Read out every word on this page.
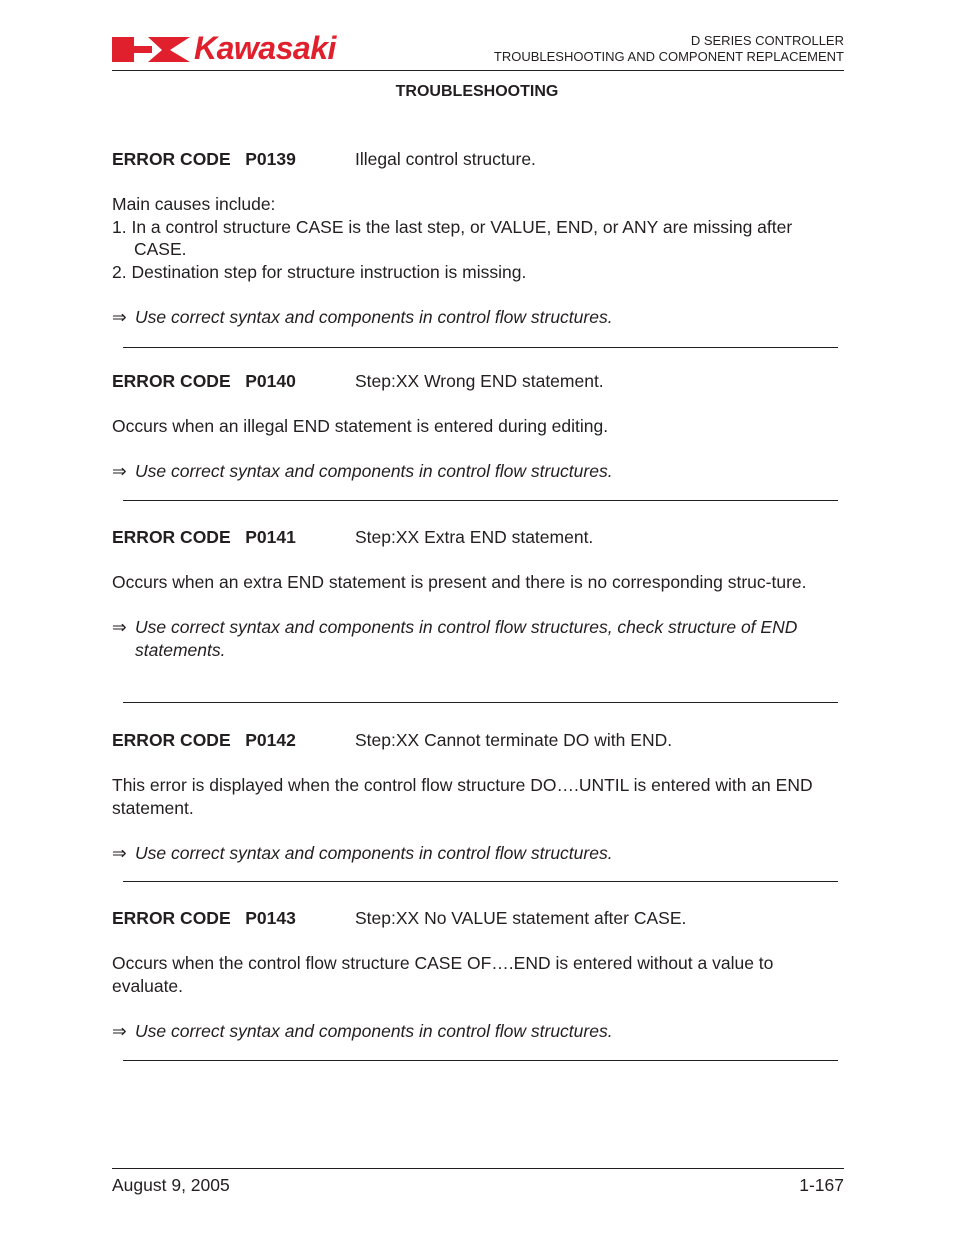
Kawasaki	D SERIES CONTROLLER
TROUBLESHOOTING AND COMPONENT REPLACEMENT
TROUBLESHOOTING
ERROR CODE   P0139	Illegal control structure.
Main causes include:
1. In a control structure CASE is the last step, or VALUE, END, or ANY are missing after CASE.
2. Destination step for structure instruction is missing.
⇒ Use correct syntax and components in control flow structures.
ERROR CODE   P0140	Step:XX Wrong END statement.
Occurs when an illegal END statement is entered during editing.
⇒ Use correct syntax and components in control flow structures.
ERROR CODE   P0141	Step:XX Extra END statement.
Occurs when an extra END statement is present and there is no corresponding struc-ture.
⇒ Use correct syntax and components in control flow structures, check structure of END statements.
ERROR CODE   P0142	Step:XX Cannot terminate DO with END.
This error is displayed when the control flow structure DO….UNTIL is entered with an END statement.
⇒ Use correct syntax and components in control flow structures.
ERROR CODE   P0143	Step:XX No VALUE statement after CASE.
Occurs when the control flow structure CASE OF….END is entered without a value to evaluate.
⇒ Use correct syntax and components in control flow structures.
August 9, 2005	1-167
